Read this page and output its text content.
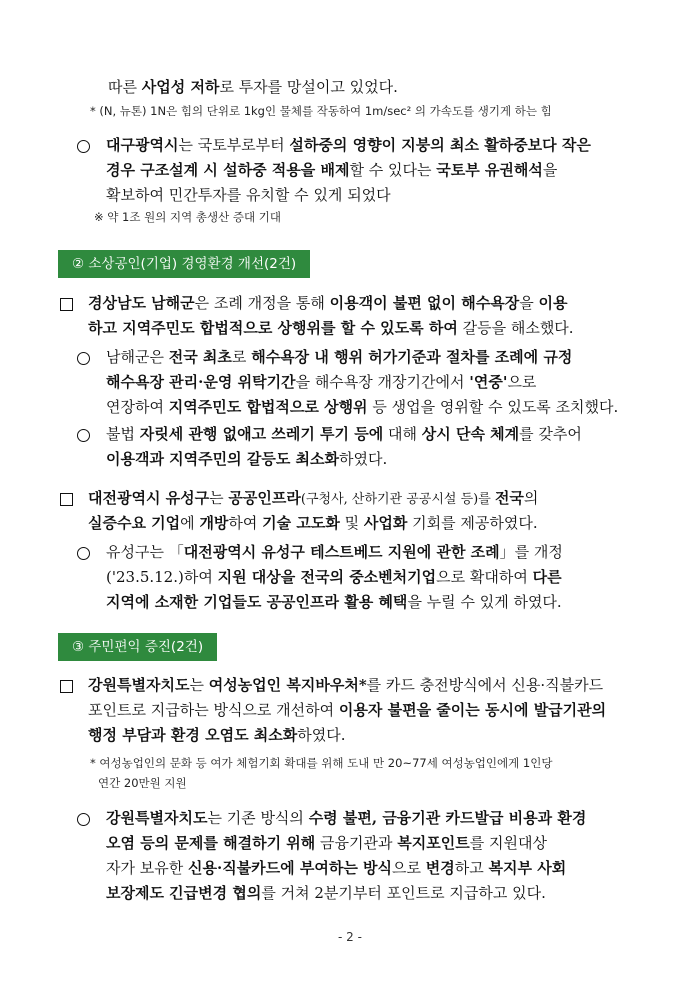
따른 사업성 저하로 투자를 망설이고 있었다.
* (N, 뉴톤) 1N은 힘의 단위로 1kg인 물체를 작동하여 1m/sec² 의 가속도를 생기게 하는 힘
대구광역시는 국토부로부터 설하중의 영향이 지붕의 최소 활하중보다 작은
경우 구조설계 시 설하중 적용을 배제할 수 있다는 국토부 유권해석을
확보하여 민간투자를 유치할 수 있게 되었다
※ 약 1조 원의 지역 총생산 증대 기대
② 소상공인(기업) 경영환경 개선(2건)
경상남도 남해군은 조례 개정을 통해 이용객이 불편 없이 해수욕장을 이용
하고 지역주민도 합법적으로 상행위를 할 수 있도록 하여 갈등을 해소했다.
남해군은 전국 최초로 해수욕장 내 행위 허가기준과 절차를 조례에 규정
해수욕장 관리·운영 위탁기간을 해수욕장 개장기간에서 '연중'으로
연장하여 지역주민도 합법적으로 상행위 등 생업을 영위할 수 있도록 조치했다.
불법 자릿세 관행 없애고 쓰레기 투기 등에 대해 상시 단속 체계를 갖추어
이용객과 지역주민의 갈등도 최소화하였다.
대전광역시 유성구는 공공인프라(구청사, 산하기관 공공시설 등)를 전국의
실증수요 기업에 개방하여 기술 고도화 및 사업화 기회를 제공하였다.
유성구는 「대전광역시 유성구 테스트베드 지원에 관한 조례」를 개정
('23.5.12.)하여 지원 대상을 전국의 중소벤처기업으로 확대하여 다른
지역에 소재한 기업들도 공공인프라 활용 혜택을 누릴 수 있게 하였다.
③ 주민편익 증진(2건)
강원특별자치도는 여성농업인 복지바우처*를 카드 충전방식에서 신용·직불카드
포인트로 지급하는 방식으로 개선하여 이용자 불편을 줄이는 동시에 발급기관의
행정 부담과 환경 오염도 최소화하였다.
* 여성농업인의 문화 등 여가 체험기회 확대를 위해 도내 만 20~77세 여성농업인에게 1인당
연간 20만원 지원
강원특별자치도는 기존 방식의 수령 불편, 금융기관 카드발급 비용과 환경
오염 등의 문제를 해결하기 위해 금융기관과 복지포인트를 지원대상
자가 보유한 신용·직불카드에 부여하는 방식으로 변경하고 복지부 사회
보장제도 긴급변경 협의를 거쳐 2분기부터 포인트로 지급하고 있다.
- 2 -
